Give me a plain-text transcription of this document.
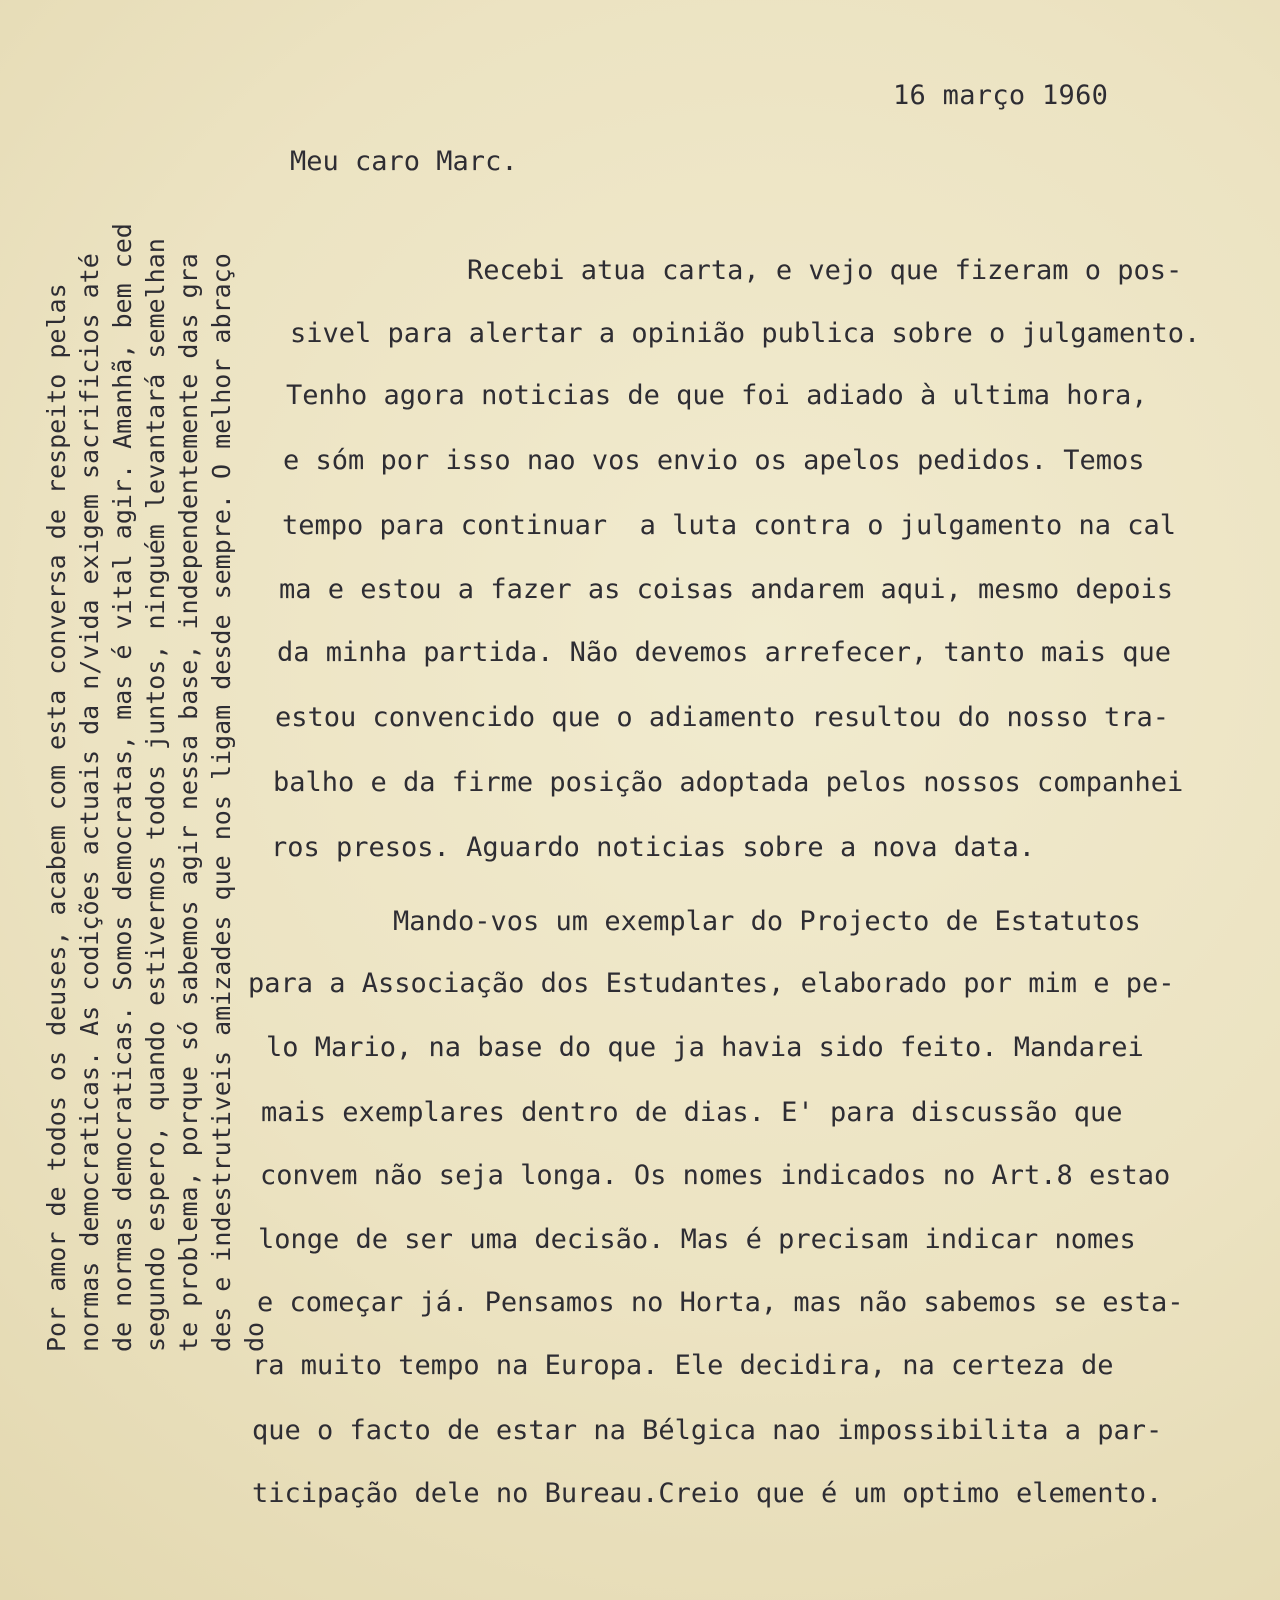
16 março 1960
Meu caro Marc.
Recebi atua carta, e vejo que fizeram o pos-
sivel para alertar a opinião publica sobre o julgamento.
Tenho agora noticias de que foi adiado à ultima hora,
e sóm por isso nao vos envio os apelos pedidos. Temos
tempo para continuar  a luta contra o julgamento na cal
ma e estou a fazer as coisas andarem aqui, mesmo depois
da minha partida. Não devemos arrefecer, tanto mais que
estou convencido que o adiamento resultou do nosso tra-
balho e da firme posição adoptada pelos nossos companhei
ros presos. Aguardo noticias sobre a nova data.
Mando-vos um exemplar do Projecto de Estatutos
para a Associação dos Estudantes, elaborado por mim e pe-
lo Mario, na base do que ja havia sido feito. Mandarei
mais exemplares dentro de dias. E' para discussão que
convem não seja longa. Os nomes indicados no Art.8 estao
longe de ser uma decisão. Mas é precisam indicar nomes
e começar já. Pensamos no Horta, mas não sabemos se esta-
ra muito tempo na Europa. Ele decidira, na certeza de
que o facto de estar na Bélgica nao impossibilita a par-
ticipação dele no Bureau.Creio que é um optimo elemento.
Por amor de todos os deuses, acabem com esta conversa de respeito pelas normas democraticas. As codições actuais da n/vida exigem sacrificios até de normas democraticas. Somos democratas, mas é vital agir. Amanhã, bem ced segundo espero, quando estivermos todos juntos, ninguém levantará semelhan te problema, porque só sabemos agir nessa base, independentemente das gra des e indestrutiveis amizades que nos ligam desde sempre. O melhor abraço do
